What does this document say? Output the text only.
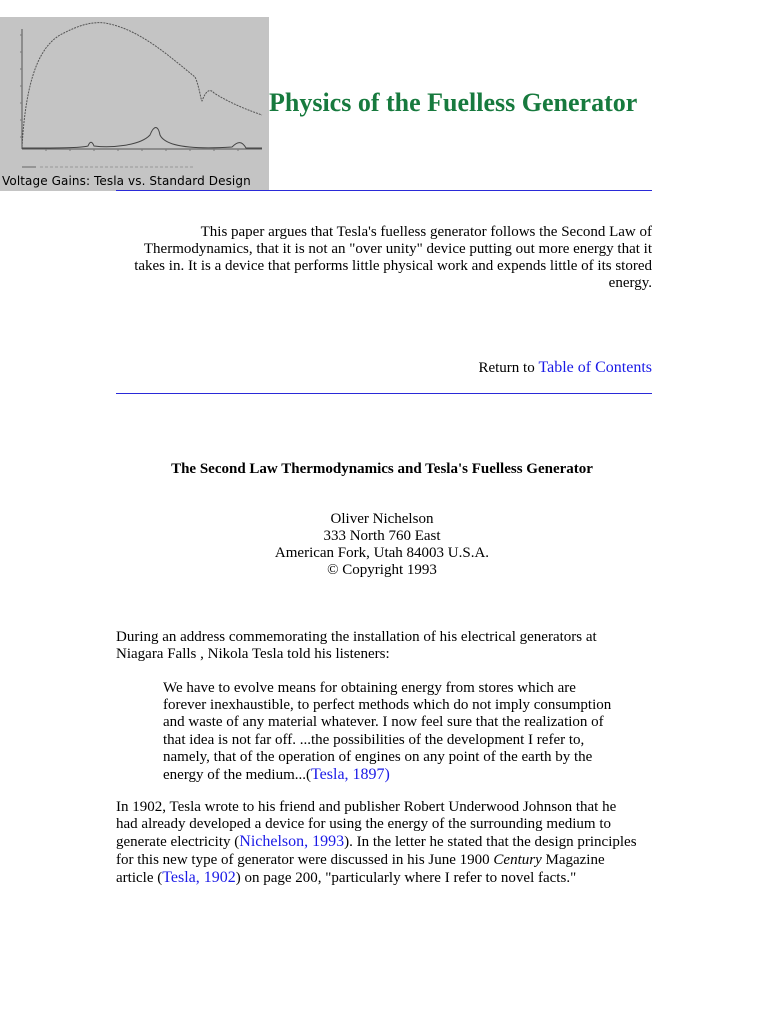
Voltage Gains: Tesla vs. Standard Design
Physics of the Fuelless Generator
This paper argues that Tesla's fuelless generator follows the Second Law of Thermodynamics, that it is not an "over unity" device putting out more energy that it takes in. It is a device that performs little physical work and expends little of its stored energy.
Return to Table of Contents
The Second Law Thermodynamics and Tesla's Fuelless Generator
Oliver Nichelson
333 North 760 East
American Fork, Utah 84003 U.S.A.
© Copyright 1993

During an address commemorating the installation of his electrical generators at Niagara Falls , Nikola Tesla told his listeners:

We have to evolve means for obtaining energy from stores which are forever inexhaustible, to perfect methods which do not imply consumption and waste of any material whatever. I now feel sure that the realization of that idea is not far off. ...the possibilities of the development I refer to, namely, that of the operation of engines on any point of the earth by the energy of the medium...(Tesla, 1897)

In 1902, Tesla wrote to his friend and publisher Robert Underwood Johnson that he had already developed a device for using the energy of the surrounding medium to generate electricity (Nichelson, 1993). In the letter he stated that the design principles for this new type of generator were discussed in his June 1900 Century Magazine article (Tesla, 1902) on page 200, "particularly where I refer to novel facts."
